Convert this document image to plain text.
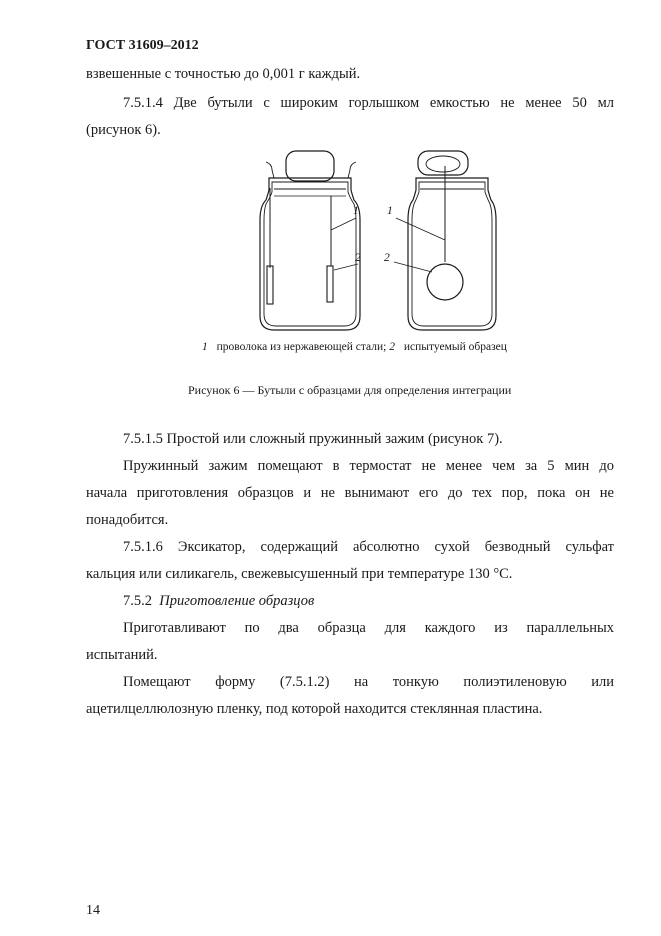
ГОСТ 31609–2012

взвешенные с точностью до 0,001 г каждый.

7.5.1.4 Две бутыли с широким горлышком емкостью не менее 50 мл

(рисунок 6).

1
2
1
2
1 проволока из нержавеющей стали; 2 испытуемый образец
Рисунок 6 — Бутыли с образцами для определения интеграции

7.5.1.5 Простой или сложный пружинный зажим (рисунок 7).

Пружинный зажим помещают в термостат не менее чем за 5 мин до

начала приготовления образцов и не вынимают его до тех пор, пока он не

понадобится.

7.5.1.6 Эксикатор, содержащий абсолютно сухой безводный сульфат

кальция или силикагель, свежевысушенный при температуре 130 °С.

7.5.2 Приготовление образцов

Приготавливают по два образца для каждого из параллельных

испытаний.

Помещают форму (7.5.1.2) на тонкую полиэтиленовую или

ацетилцеллюлозную пленку, под которой находится стеклянная пластина.

14
